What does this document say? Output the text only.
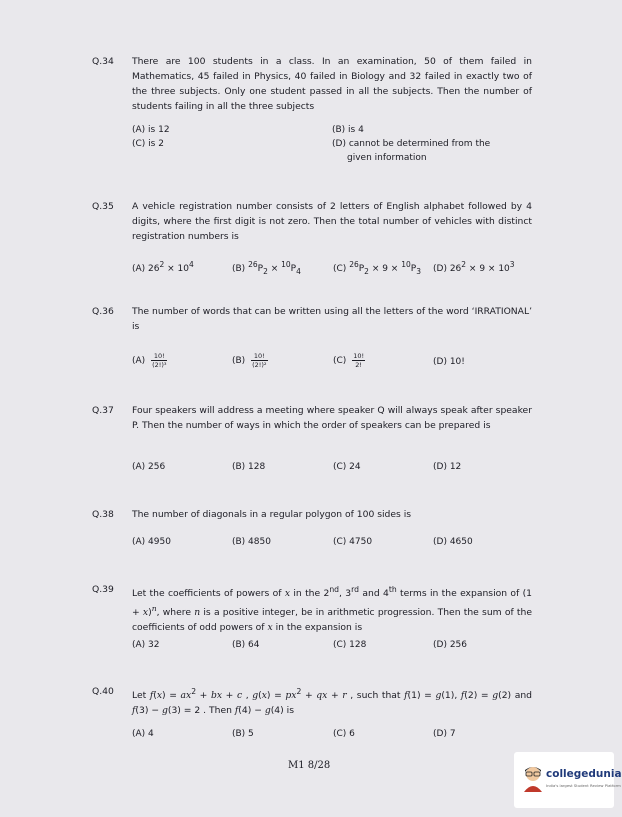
Q.34	There are 100 students in a class. In an examination, 50 of them failed in Mathematics, 45 failed in Physics, 40 failed in Biology and 32 failed in exactly two of the three subjects. Only one student passed in all the subjects. Then the number of students failing in all the three subjects
(A) is 12	(B) is 4
(C) is 2	(D) cannot be determined from the
given information
Q.35	A vehicle registration number consists of 2 letters of English alphabet followed by 4 digits, where the first digit is not zero. Then the total number of vehicles with distinct registration numbers is
(A) $26^2 \times 10^4$	(B) $^{26}P_2 \times ^{10}P_4$	(C) $^{26}P_2 \times 9 \times ^{10}P_3$ (D) $26^2 \times 9 \times 10^3$
Q.36	The number of words that can be written using all the letters of the word ‘IRRATIONAL’ is
$(A) \frac{10!}{\text{(2!)³}}$	$(B) \frac{10!}{\text{(2!)²}}$	$(C) \frac{10!}{2!}$	(D) 10!
Q.37	Four speakers will address a meeting where speaker Q will always speak after speaker P. Then the number of ways in which the order of speakers can be prepared is
(A) 256	(B) 128	(C) 24	(D) 12
Q.38	The number of diagonals in a regular polygon of 100 sides is
(A) 4950	(B) 4850	(C) 4750	(D) 4650
Q.39	Let the coefficients of powers of x in the 2nd, 3rd and 4th terms in the expansion of $(1 + x)^n$, where n is a positive integer, be in arithmetic progression. Then the sum of the coefficients of odd powers of x in the expansion is
(A) 32	(B) 64	(C) 128	(D) 256
Q.40	Let $f(x) = ax^2$ + bx + c , $g(x) = px^2$ + qx + r , such that f(1) = g(1), f(2) = g(2) and f(3) − g(3) = 2 . Then f(4) − g(4) is
(A) 4	(B) 5	(C) 6	(D) 7
M1 8/28
collegedunia
India's largest Student Review Platform
